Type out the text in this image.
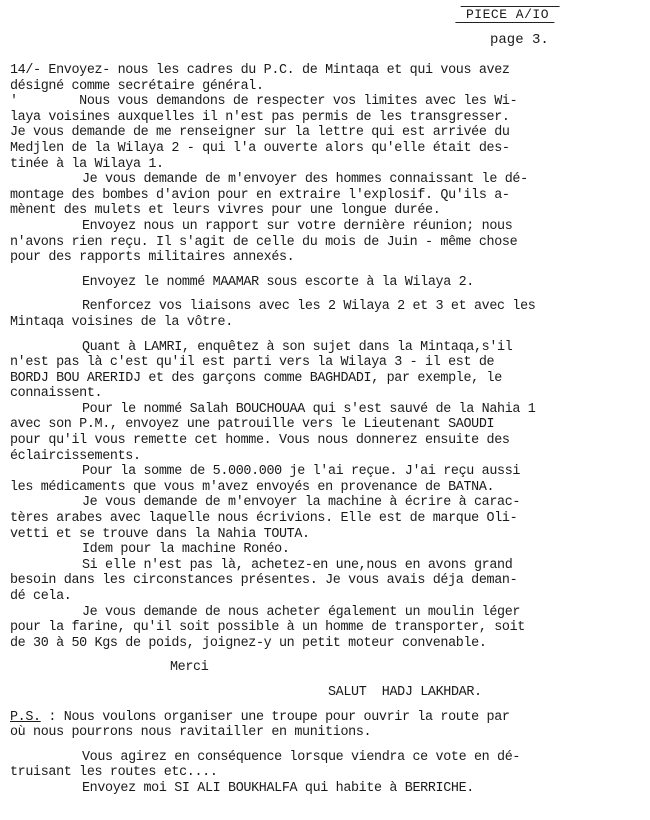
PIECE A/IO
page 3.
14/- Envoyez- nous les cadres du P.C. de Mintaqa et qui vous avez
désigné comme secrétaire général.
'        Nous vous demandons de respecter vos limites avec les Wi-
laya voisines auxquelles il n'est pas permis de les transgresser.
Je vous demande de me renseigner sur la lettre qui est arrivée du
Medjlen de la Wilaya 2 - qui l'a ouverte alors qu'elle était des-
tinée à la Wilaya 1.
Je vous demande de m'envoyer des hommes connaissant le dé-
montage des bombes d'avion pour en extraire l'explosif. Qu'ils a-
mènent des mulets et leurs vivres pour une longue durée.
Envoyez nous un rapport sur votre dernière réunion; nous
n'avons rien reçu. Il s'agit de celle du mois de Juin - même chose
pour des rapports militaires annexés.
Envoyez le nommé MAAMAR sous escorte à la Wilaya 2.
Renforcez vos liaisons avec les 2 Wilaya 2 et 3 et avec les
Mintaqa voisines de la vôtre.
Quant à LAMRI, enquêtez à son sujet dans la Mintaqa,s'il
n'est pas là c'est qu'il est parti vers la Wilaya 3 - il est de
BORDJ BOU ARERIDJ et des garçons comme BAGHDADI, par exemple, le
connaissent.
Pour le nommé Salah BOUCHOUAA qui s'est sauvé de la Nahia 1
avec son P.M., envoyez une patrouille vers le Lieutenant SAOUDI
pour qu'il vous remette cet homme. Vous nous donnerez ensuite des
éclaircissements.
Pour la somme de 5.000.000 je l'ai reçue. J'ai reçu aussi
les médicaments que vous m'avez envoyés en provenance de BATNA.
Je vous demande de m'envoyer la machine à écrire à carac-
tères arabes avec laquelle nous écrivions. Elle est de marque Oli-
vetti et se trouve dans la Nahia TOUTA.
Idem pour la machine Ronéo.
Si elle n'est pas là, achetez-en une,nous en avons grand
besoin dans les circonstances présentes. Je vous avais déja deman-
dé cela.
Je vous demande de nous acheter également un moulin léger
pour la farine, qu'il soit possible à un homme de transporter, soit
de 30 à 50 Kgs de poids, joignez-y un petit moteur convenable.
Merci
SALUT  HADJ LAKHDAR.
P.S. : Nous voulons organiser une troupe pour ouvrir la route par
où nous pourrons nous ravitailler en munitions.
Vous agirez en conséquence lorsque viendra ce vote en dé-
truisant les routes etc....
Envoyez moi SI ALI BOUKHALFA qui habite à BERRICHE.
